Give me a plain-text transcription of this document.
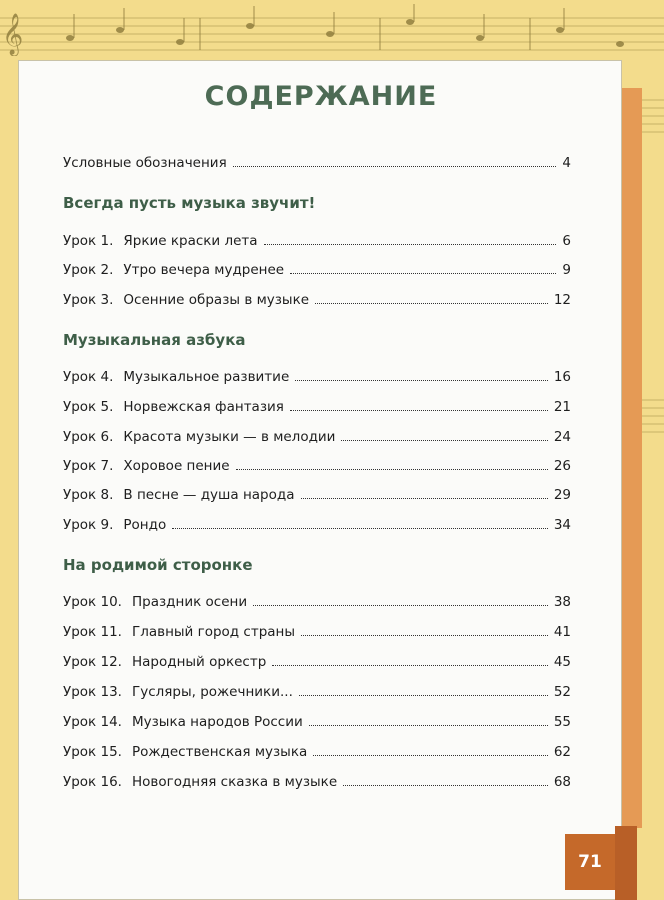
𝄞
СОДЕРЖАНИЕ
Условные обозначения	4
Всегда пусть музыка звучит!
Урок 1. Яркие краски лета	6
Урок 2. Утро вечера мудренее	9
Урок 3. Осенние образы в музыке	12
Музыкальная азбука
Урок 4. Музыкальное развитие	16
Урок 5. Норвежская фантазия	21
Урок 6. Красота музыки — в мелодии	24
Урок 7. Хоровое пение	26
Урок 8. В песне — душа народа	29
Урок 9. Рондо	34
На родимой сторонке
Урок 10. Праздник осени	38
Урок 11. Главный город страны	41
Урок 12. Народный оркестр	45
Урок 13. Гусляры, рожечники...	52
Урок 14. Музыка народов России	55
Урок 15. Рождественская музыка	62
Урок 16. Новогодняя сказка в музыке	68
71
